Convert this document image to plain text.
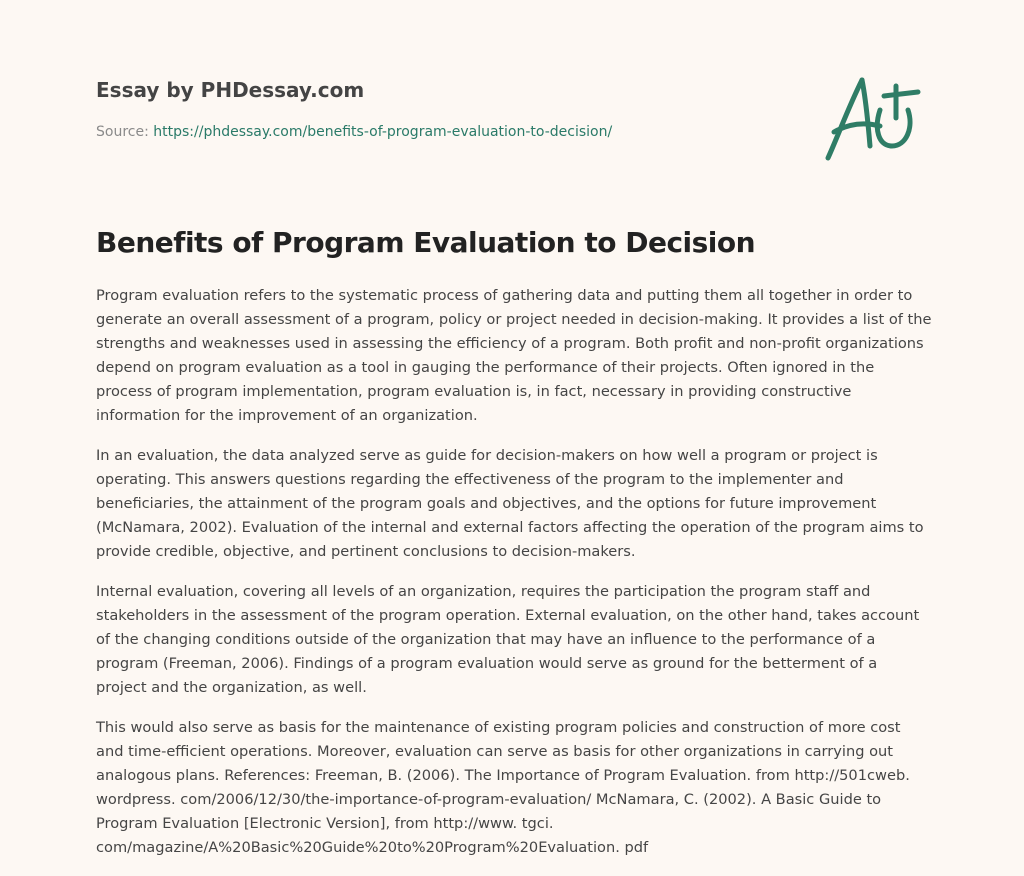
Essay by PHDessay.com
Source: https://phdessay.com/benefits-of-program-evaluation-to-decision/
Benefits of Program Evaluation to Decision

Program evaluation refers to the systematic process of gathering data and putting them all together in order to generate an overall assessment of a program, policy or project needed in decision-making. It provides a list of the strengths and weaknesses used in assessing the efficiency of a program. Both profit and non-profit organizations depend on program evaluation as a tool in gauging the performance of their projects. Often ignored in the process of program implementation, program evaluation is, in fact, necessary in providing constructive information for the improvement of an organization.

In an evaluation, the data analyzed serve as guide for decision-makers on how well a program or project is operating. This answers questions regarding the effectiveness of the program to the implementer and beneficiaries, the attainment of the program goals and objectives, and the options for future improvement (McNamara, 2002). Evaluation of the internal and external factors affecting the operation of the program aims to provide credible, objective, and pertinent conclusions to decision-makers.

Internal evaluation, covering all levels of an organization, requires the participation the program staff and stakeholders in the assessment of the program operation. External evaluation, on the other hand, takes account of the changing conditions outside of the organization that may have an influence to the performance of a program (Freeman, 2006). Findings of a program evaluation would serve as ground for the betterment of a project and the organization, as well.

This would also serve as basis for the maintenance of existing program policies and construction of more cost and time-efficient operations. Moreover, evaluation can serve as basis for other organizations in carrying out analogous plans. References: Freeman, B. (2006). The Importance of Program Evaluation. from http://501cweb. wordpress. com/2006/12/30/the-importance-of-program-evaluation/ McNamara, C. (2002). A Basic Guide to Program Evaluation [Electronic Version], from http://www. tgci. com/magazine/A%20Basic%20Guide%20to%20Program%20Evaluation. pdf
